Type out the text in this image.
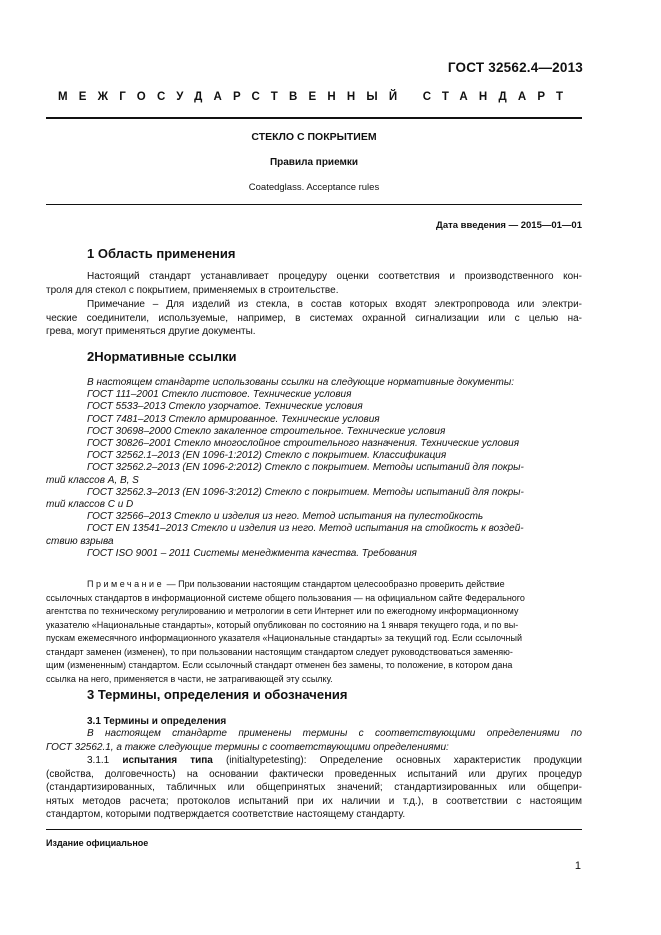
ГОСТ 32562.4—2013
МЕЖГОСУДАРСТВЕННЫЙ СТАНДАРТ
СТЕКЛО С ПОКРЫТИЕМ
Правила приемки
Coatedglass. Acceptance rules
Дата введения — 2015—01—01
1 Область применения
Настоящий стандарт устанавливает процедуру оценки соответствия и производственного кон-
троля для стекол с покрытием, применяемых в строительстве.
Примечание – Для изделий из стекла, в состав которых входят электропровода или электри-
ческие соединители, используемые, например, в системах охранной сигнализации или с целью на-
грева, могут применяться другие документы.
2Нормативные ссылки
В настоящем стандарте использованы ссылки на следующие нормативные документы:
ГОСТ 111–2001 Стекло листовое. Технические условия
ГОСТ 5533–2013 Стекло узорчатое. Технические условия
ГОСТ 7481–2013 Стекло армированное. Технические условия
ГОСТ 30698–2000 Стекло закаленное строительное. Технические условия
ГОСТ 30826–2001 Стекло многослойное строительного назначения. Технические условия
ГОСТ 32562.1–2013 (EN 1096-1:2012) Стекло с покрытием. Классификация
ГОСТ 32562.2–2013 (EN 1096-2:2012) Стекло с покрытием. Методы испытаний для покры-
тий классов A, B, S
ГОСТ 32562.3–2013 (EN 1096-3:2012) Стекло с покрытием. Методы испытаний для покры-
тий классов C и D
ГОСТ 32566–2013 Стекло и изделия из него. Метод испытания на пулестойкость
ГОСТ EN 13541–2013 Стекло и изделия из него. Метод испытания на стойкость к воздей-
ствию взрыва
ГОСТ ISO 9001 – 2011 Системы менеджмента качества. Требования
Примечание — При пользовании настоящим стандартом целесообразно проверить действие
ссылочных стандартов в информационной системе общего пользования — на официальном сайте Федерального
агентства по техническому регулированию и метрологии в сети Интернет или по ежегодному информационному
указателю «Национальные стандарты», который опубликован по состоянию на 1 января текущего года, и по вы-
пускам ежемесячного информационного указателя «Национальные стандарты» за текущий год. Если ссылочный
стандарт заменен (изменен), то при пользовании настоящим стандартом следует руководствоваться заменяю-
щим (измененным) стандартом. Если ссылочный стандарт отменен без замены, то положение, в котором дана
ссылка на него, применяется в части, не затрагивающей эту ссылку.
3 Термины, определения и обозначения
3.1 Термины и определения
В настоящем стандарте применены термины с соответствующими определениями по
ГОСТ 32562.1, а также следующие термины с соответствующими определениями:
3.1.1 испытания типа (initialtypetesting): Определение основных характеристик продукции
(свойства, долговечность) на основании фактически проведенных испытаний или других процедур
(стандартизированных, табличных или общепринятых значений; стандартизированных или общепри-
нятых методов расчета; протоколов испытаний при их наличии и т.д.), в соответствии с настоящим
стандартом, которыми подтверждается соответствие настоящему стандарту.
Издание официальное
1
